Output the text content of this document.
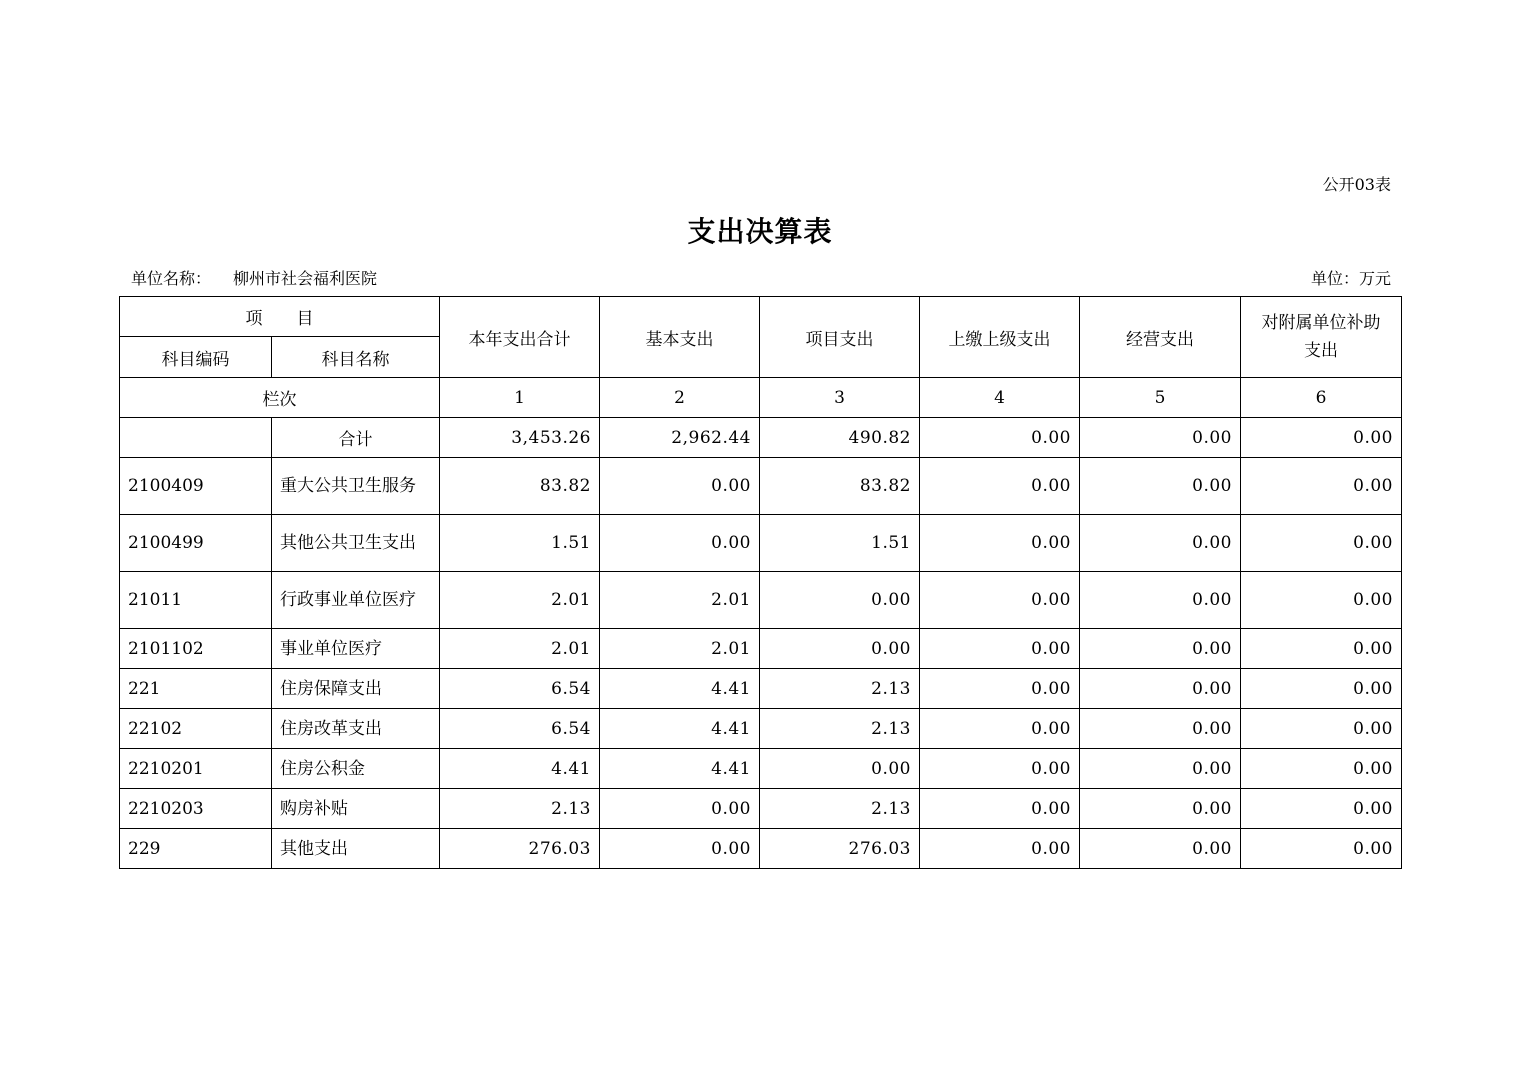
公开03表
支出决算表
单位名称： 柳州市社会福利医院	单位：万元
项　　目		本年支出合计	基本支出	项目支出	上缴上级支出	经营支出	对附属单位补助支出
科目编码	科目名称						
栏次		1	2	3	4	5	6
	合计	3,453.26	2,962.44	490.82	0.00	0.00	0.00
2100409	重大公共卫生服务	83.82	0.00	83.82	0.00	0.00	0.00
2100499	其他公共卫生支出	1.51	0.00	1.51	0.00	0.00	0.00
21011	行政事业单位医疗	2.01	2.01	0.00	0.00	0.00	0.00
2101102	事业单位医疗	2.01	2.01	0.00	0.00	0.00	0.00
221	住房保障支出	6.54	4.41	2.13	0.00	0.00	0.00
22102	住房改革支出	6.54	4.41	2.13	0.00	0.00	0.00
2210201	住房公积金	4.41	4.41	0.00	0.00	0.00	0.00
2210203	购房补贴	2.13	0.00	2.13	0.00	0.00	0.00
229	其他支出	276.03	0.00	276.03	0.00	0.00	0.00
